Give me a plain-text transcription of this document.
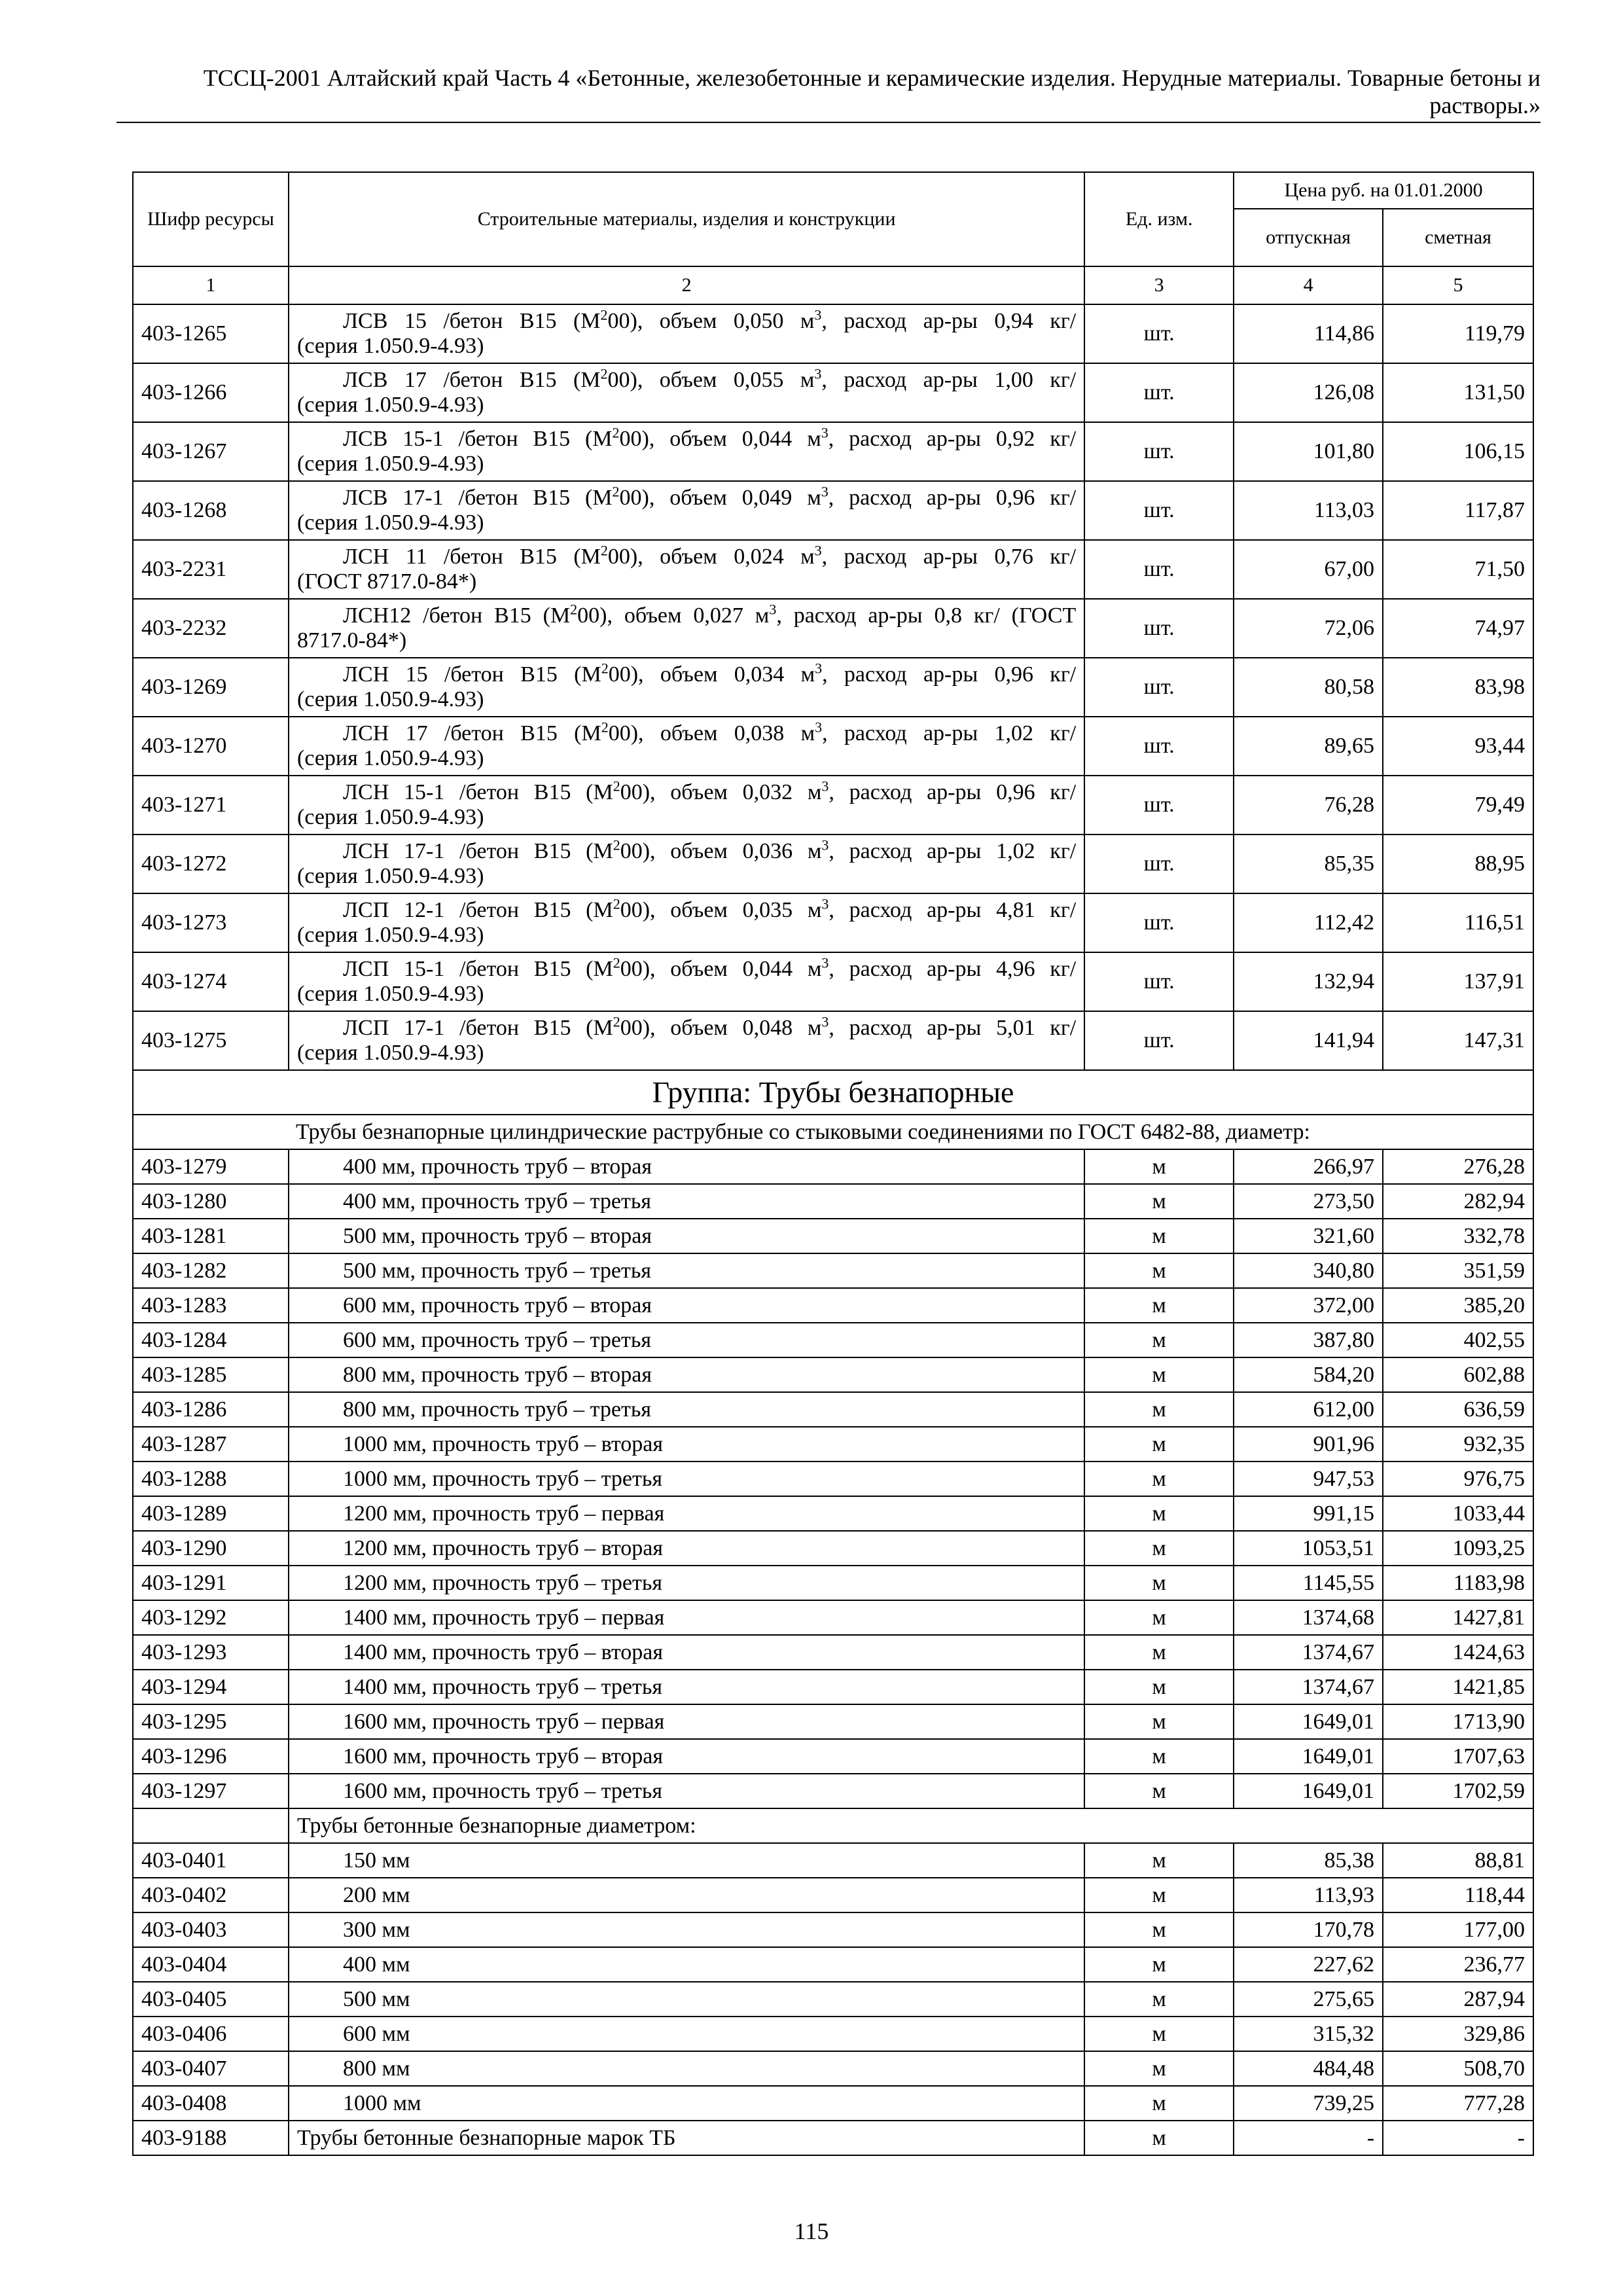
ТССЦ-2001 Алтайский край Часть 4 «Бетонные, железобетонные и керамические изделия. Нерудные материалы. Товарные бетоны и
растворы.»
Шифр ресурсы	Строительные материалы, изделия и конструкции	Ед. изм.	Цена руб. на 01.01.2000	
			отпускная	сметная
1	2	3	4	5
403-1265	ЛСВ 15 /бетон В15 $(М^200)$, объем 0,050 $м^3$, расход ар-ры 0,94 кг/
(серия 1.050.9-4.93)	шт.	114,86	119,79
403-1266	ЛСВ 17 /бетон В15 $(М^200)$, объем 0,055 $м^3$, расход ар-ры 1,00 кг/
(серия 1.050.9-4.93)	шт.	126,08	131,50
403-1267	ЛСВ 15-1 /бетон В15 $(М^200)$, объем 0,044 $м^3$, расход ар-ры 0,92 кг/
(серия 1.050.9-4.93)	шт.	101,80	106,15
403-1268	ЛСВ 17-1 /бетон В15 $(М^200)$, объем 0,049 $м^3$, расход ар-ры 0,96 кг/
(серия 1.050.9-4.93)	шт.	113,03	117,87
403-2231	ЛСН 11 /бетон В15 $(М^200)$, объем 0,024 $м^3$, расход ар-ры 0,76 кг/
(ГОСТ 8717.0-84*)	шт.	67,00	71,50
403-2232	ЛСН12 /бетон В15 $(М^200)$, объем 0,027 $м^3$, расход ар-ры 0,8 кг/ (ГОСТ
8717.0-84*)	шт.	72,06	74,97
403-1269	ЛСН 15 /бетон В15 $(М^200)$, объем 0,034 $м^3$, расход ар-ры 0,96 кг/
(серия 1.050.9-4.93)	шт.	80,58	83,98
403-1270	ЛСН 17 /бетон В15 $(М^200)$, объем 0,038 $м^3$, расход ар-ры 1,02 кг/
(серия 1.050.9-4.93)	шт.	89,65	93,44
403-1271	ЛСН 15-1 /бетон В15 $(М^200)$, объем 0,032 $м^3$, расход ар-ры 0,96 кг/
(серия 1.050.9-4.93)	шт.	76,28	79,49
403-1272	ЛСН 17-1 /бетон В15 $(М^200)$, объем 0,036 $м^3$, расход ар-ры 1,02 кг/
(серия 1.050.9-4.93)	шт.	85,35	88,95
403-1273	ЛСП 12-1 /бетон В15 $(М^200)$, объем 0,035 $м^3$, расход ар-ры 4,81 кг/
(серия 1.050.9-4.93)	шт.	112,42	116,51
403-1274	ЛСП 15-1 /бетон В15 $(М^200)$, объем 0,044 $м^3$, расход ар-ры 4,96 кг/
(серия 1.050.9-4.93)	шт.	132,94	137,91
403-1275	ЛСП 17-1 /бетон В15 $(М^200)$, объем 0,048 $м^3$, расход ар-ры 5,01 кг/
(серия 1.050.9-4.93)	шт.	141,94	147,31
Группа: Трубы безнапорные				
Трубы безнапорные цилиндрические раструбные со стыковыми соединениями по ГОСТ 6482-88, диаметр:				
403-1279	400 мм, прочность труб – вторая	м	266,97	276,28
403-1280	400 мм, прочность труб – третья	м	273,50	282,94
403-1281	500 мм, прочность труб – вторая	м	321,60	332,78
403-1282	500 мм, прочность труб – третья	м	340,80	351,59
403-1283	600 мм, прочность труб – вторая	м	372,00	385,20
403-1284	600 мм, прочность труб – третья	м	387,80	402,55
403-1285	800 мм, прочность труб – вторая	м	584,20	602,88
403-1286	800 мм, прочность труб – третья	м	612,00	636,59
403-1287	1000 мм, прочность труб – вторая	м	901,96	932,35
403-1288	1000 мм, прочность труб – третья	м	947,53	976,75
403-1289	1200 мм, прочность труб – первая	м	991,15	1033,44
403-1290	1200 мм, прочность труб – вторая	м	1053,51	1093,25
403-1291	1200 мм, прочность труб – третья	м	1145,55	1183,98
403-1292	1400 мм, прочность труб – первая	м	1374,68	1427,81
403-1293	1400 мм, прочность труб – вторая	м	1374,67	1424,63
403-1294	1400 мм, прочность труб – третья	м	1374,67	1421,85
403-1295	1600 мм, прочность труб – первая	м	1649,01	1713,90
403-1296	1600 мм, прочность труб – вторая	м	1649,01	1707,63
403-1297	1600 мм, прочность труб – третья	м	1649,01	1702,59
	Трубы бетонные безнапорные диаметром:			
403-0401	150 мм	м	85,38	88,81
403-0402	200 мм	м	113,93	118,44
403-0403	300 мм	м	170,78	177,00
403-0404	400 мм	м	227,62	236,77
403-0405	500 мм	м	275,65	287,94
403-0406	600 мм	м	315,32	329,86
403-0407	800 мм	м	484,48	508,70
403-0408	1000 мм	м	739,25	777,28
403-9188	Трубы бетонные безнапорные марок ТБ	м	-	-
115
